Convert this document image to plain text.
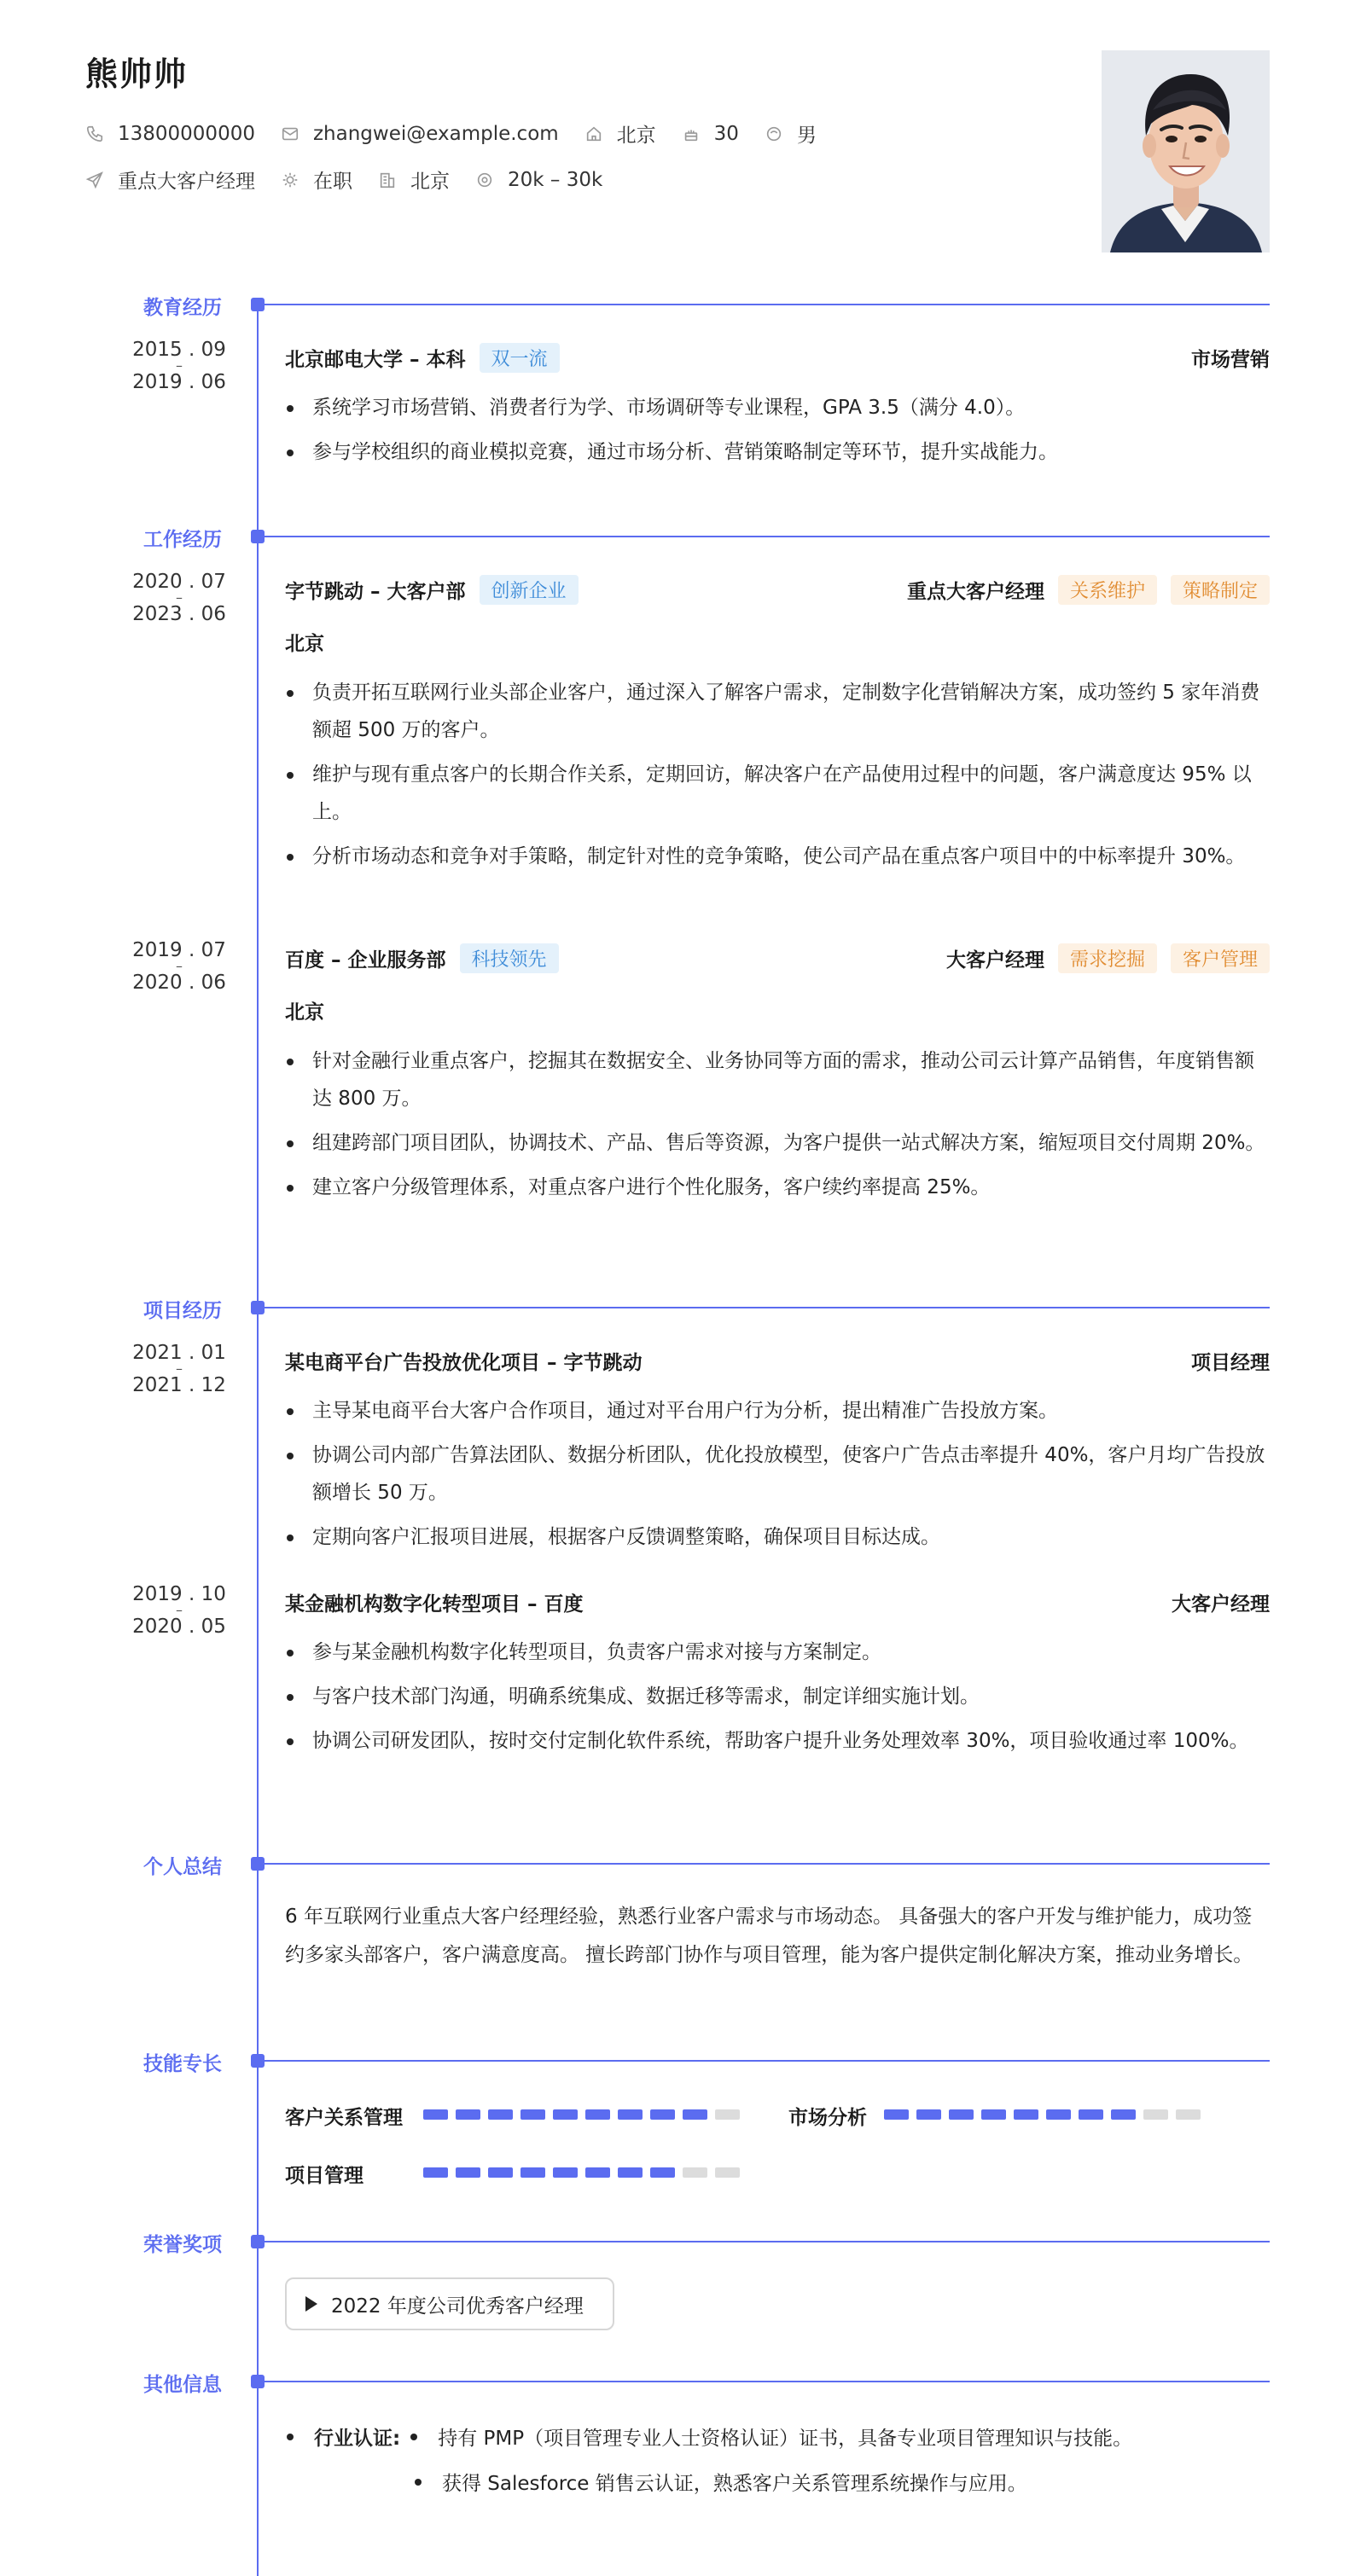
熊帅帅
13800000000	zhangwei@example.com	北京	30	男
重点大客户经理	在职	北京	20k – 30k
教育经历
2015 . 09
–
2019 . 06
北京邮电大学 – 本科	双一流	市场营销
系统学习市场营销、消费者行为学、市场调研等专业课程，GPA 3.5（满分 4.0）。
参与学校组织的商业模拟竞赛，通过市场分析、营销策略制定等环节，提升实战能力。
工作经历
2020 . 07
–
2023 . 06
字节跳动 – 大客户部	创新企业	重点大客户经理	关系维护	策略制定
北京
负责开拓互联网行业头部企业客户，通过深入了解客户需求，定制数字化营销解决方案，成功签约 5 家年消费额超 500 万的客户。
维护与现有重点客户的长期合作关系，定期回访，解决客户在产品使用过程中的问题，客户满意度达 95% 以上。
分析市场动态和竞争对手策略，制定针对性的竞争策略，使公司产品在重点客户项目中的中标率提升 30%。
2019 . 07
–
2020 . 06
百度 – 企业服务部	科技领先	大客户经理	需求挖掘	客户管理
北京
针对金融行业重点客户，挖掘其在数据安全、业务协同等方面的需求，推动公司云计算产品销售，年度销售额达 800 万。
组建跨部门项目团队，协调技术、产品、售后等资源，为客户提供一站式解决方案，缩短项目交付周期 20%。
建立客户分级管理体系，对重点客户进行个性化服务，客户续约率提高 25%。
项目经历
2021 . 01
–
2021 . 12
某电商平台广告投放优化项目 – 字节跳动	项目经理
主导某电商平台大客户合作项目，通过对平台用户行为分析，提出精准广告投放方案。
协调公司内部广告算法团队、数据分析团队，优化投放模型，使客户广告点击率提升 40%，客户月均广告投放额增长 50 万。
定期向客户汇报项目进展，根据客户反馈调整策略，确保项目目标达成。
2019 . 10
–
2020 . 05
某金融机构数字化转型项目 – 百度	大客户经理
参与某金融机构数字化转型项目，负责客户需求对接与方案制定。
与客户技术部门沟通，明确系统集成、数据迁移等需求，制定详细实施计划。
协调公司研发团队，按时交付定制化软件系统，帮助客户提升业务处理效率 30%，项目验收通过率 100%。
个人总结
6 年互联网行业重点大客户经理经验，熟悉行业客户需求与市场动态。 具备强大的客户开发与维护能力，成功签约多家头部客户，客户满意度高。 擅长跨部门协作与项目管理，能为客户提供定制化解决方案，推动业务增长。
技能专长
客户关系管理	市场分析
项目管理
荣誉奖项
2022 年度公司优秀客户经理
其他信息
行业认证: 持有 PMP（项目管理专业人士资格认证）证书，具备专业项目管理知识与技能。
获得 Salesforce 销售云认证，熟悉客户关系管理系统操作与应用。
